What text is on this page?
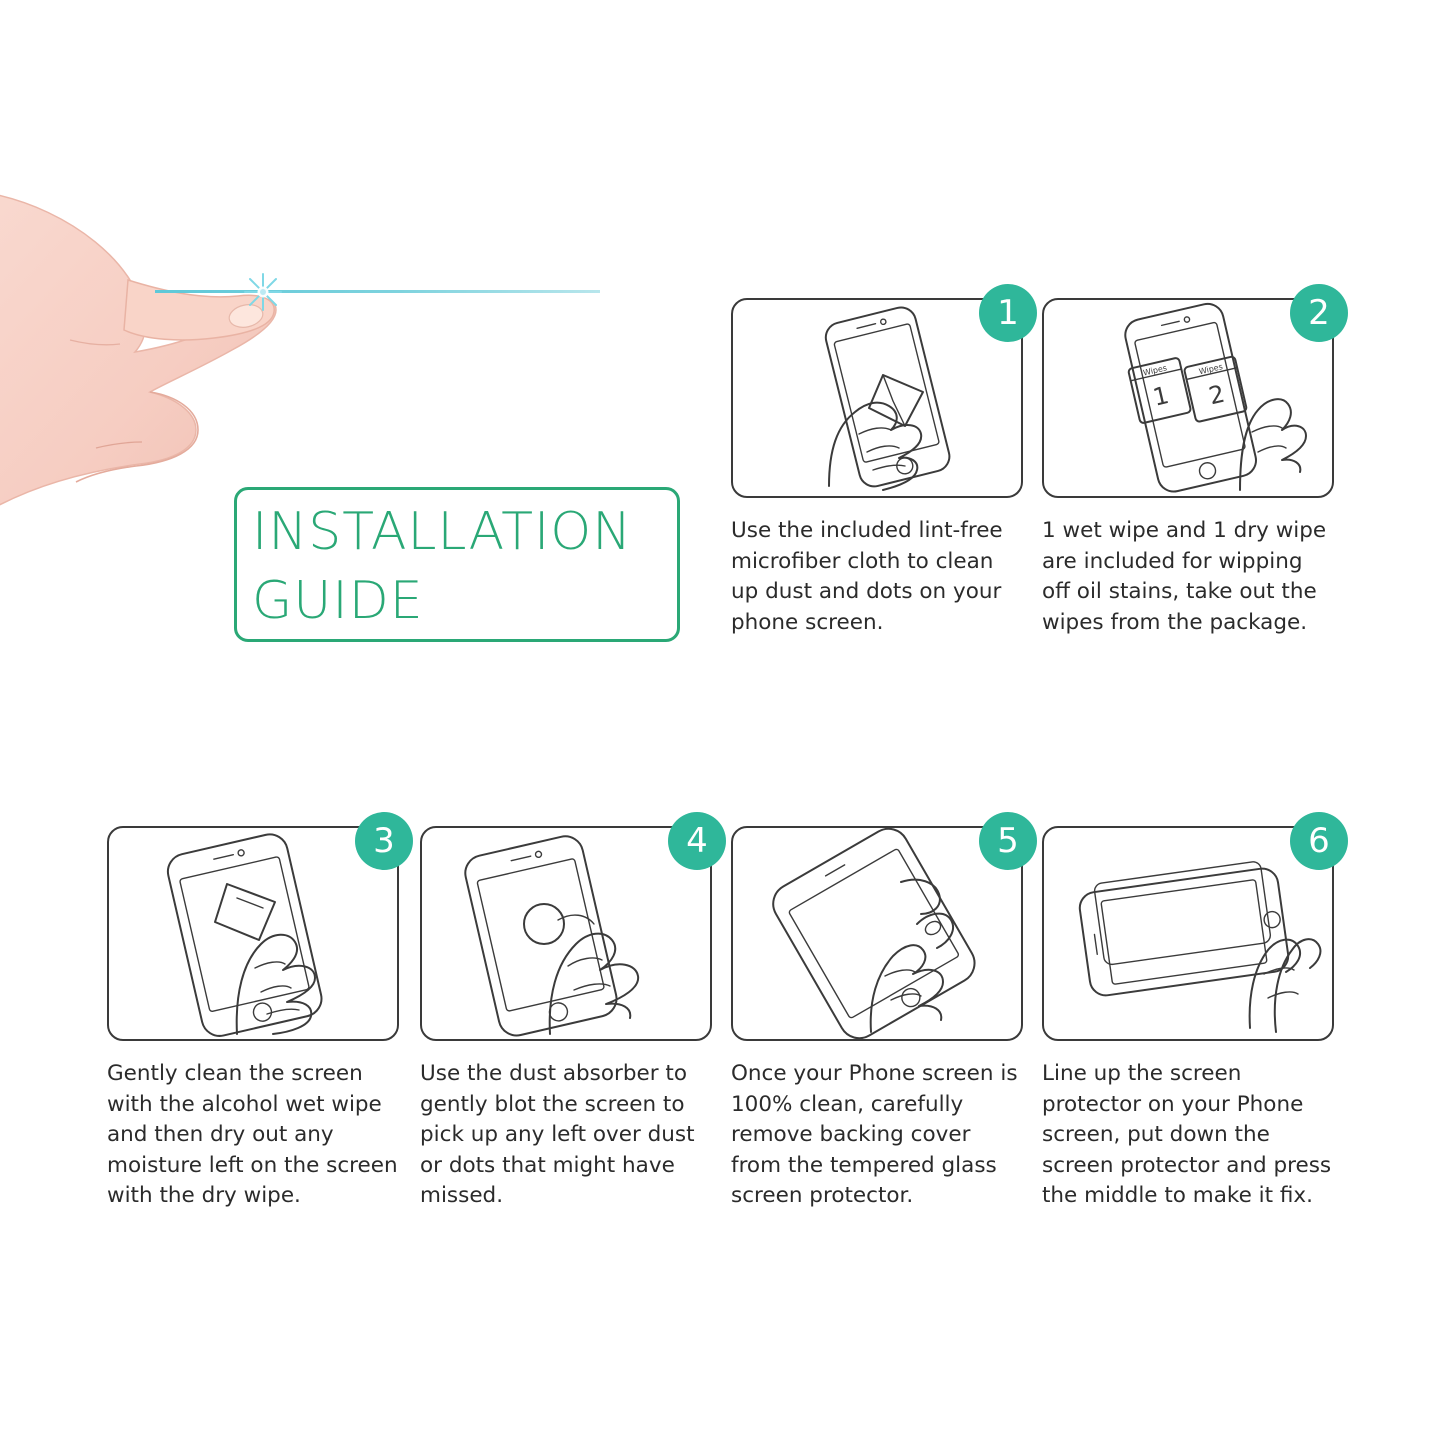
INSTALLATION
GUIDE
1
Use the included lint-free microfiber cloth to clean up dust and dots on your phone screen.
2
Wipes
1
Wipes
2
1 wet wipe and 1 dry wipe are included for wipping off oil stains, take out the wipes from the package.
3
Gently clean the screen with the alcohol wet wipe and then dry out any moisture left on the screen with the dry wipe.
4
Use the dust absorber to gently blot the screen to pick up any left over dust or dots that might have missed.
5
Once your Phone screen is 100% clean, carefully remove backing cover from the tempered glass screen protector.
6
Line up the screen protector on your Phone screen, put down the screen protector and press the middle to make it fix.
